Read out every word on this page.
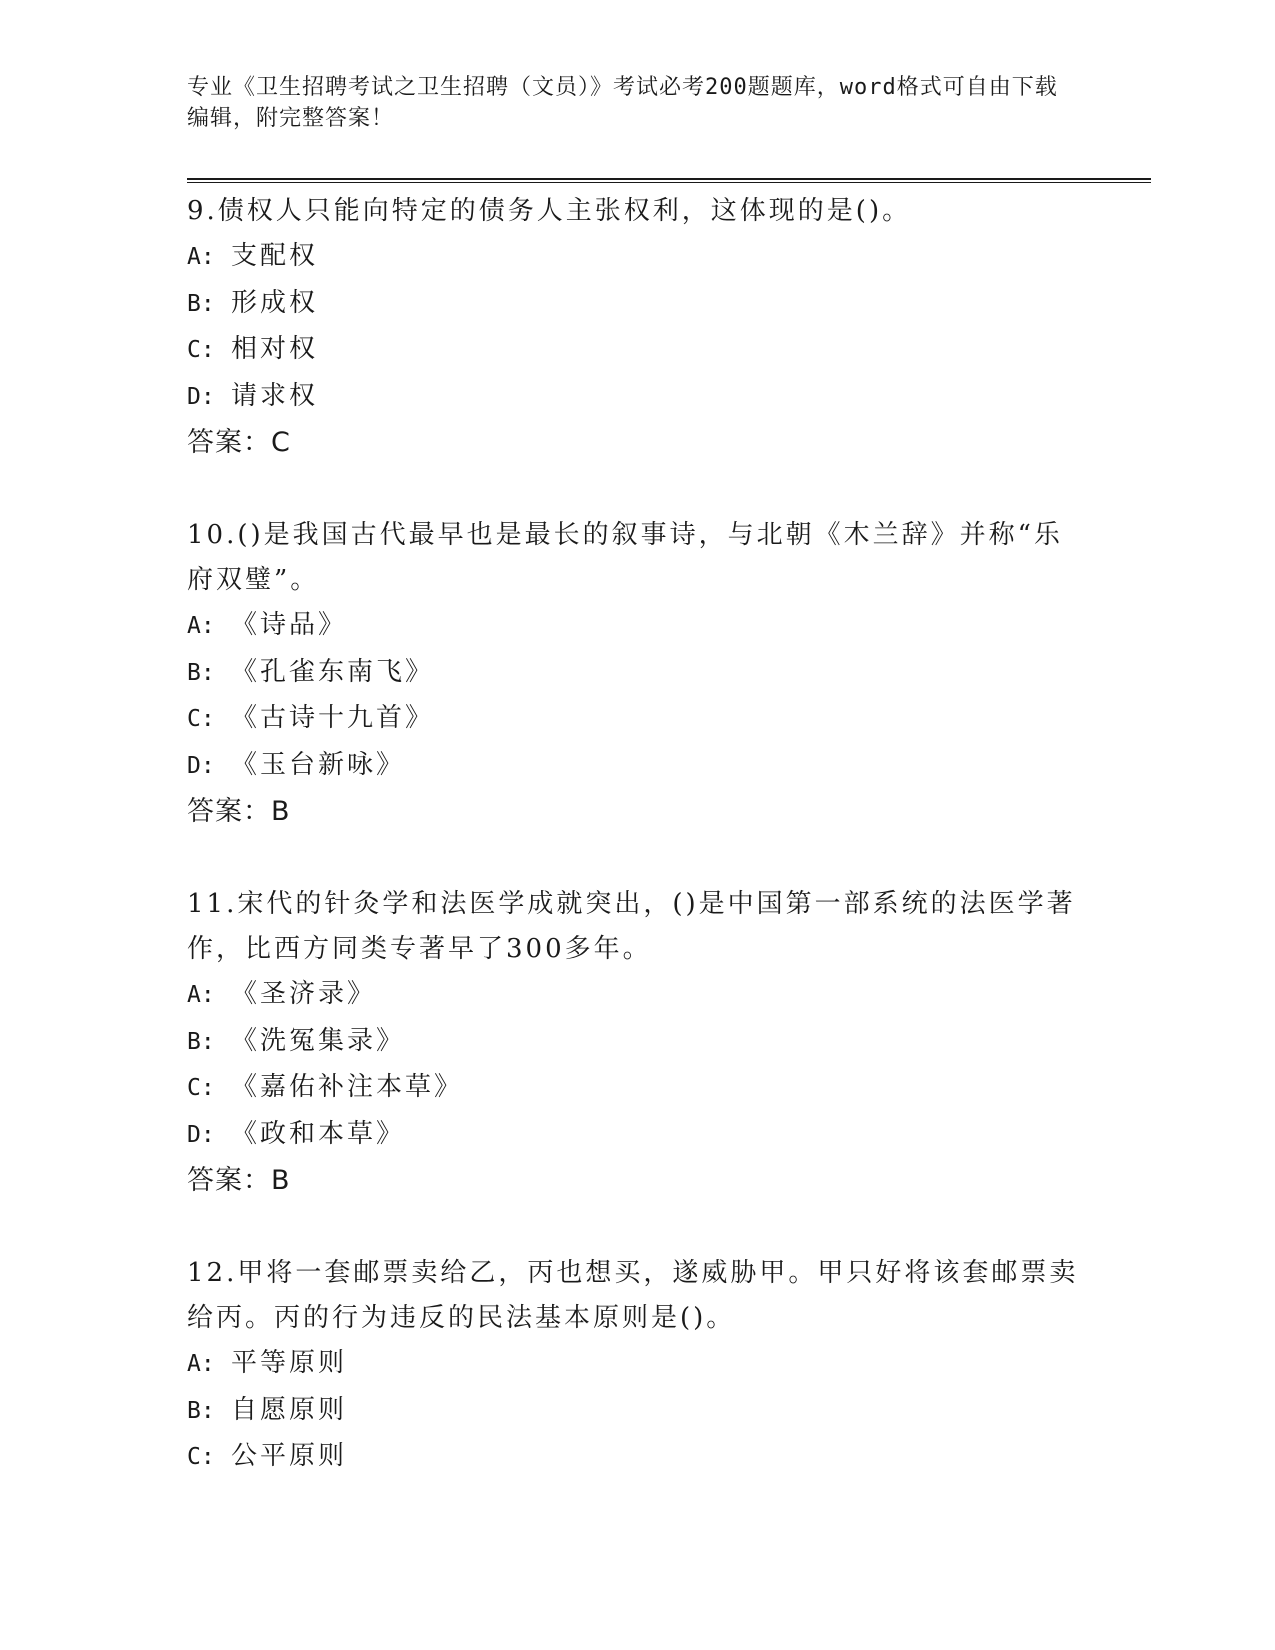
专业《卫生招聘考试之卫生招聘（文员）》考试必考200题题库，word格式可自由下载编辑，附完整答案！

9.债权人只能向特定的债务人主张权利，这体现的是()。

A: 支配权

B: 形成权

C: 相对权

D: 请求权

答案：C

10.()是我国古代最早也是最长的叙事诗，与北朝《木兰辞》并称“乐府双璧”。

A: 《诗品》

B: 《孔雀东南飞》

C: 《古诗十九首》

D: 《玉台新咏》

答案：B

11.宋代的针灸学和法医学成就突出，()是中国第一部系统的法医学著作，比西方同类专著早了300多年。

A: 《圣济录》

B: 《洗冤集录》

C: 《嘉佑补注本草》

D: 《政和本草》

答案：B

12.甲将一套邮票卖给乙，丙也想买，遂威胁甲。甲只好将该套邮票卖给丙。丙的行为违反的民法基本原则是()。

A: 平等原则

B: 自愿原则

C: 公平原则
